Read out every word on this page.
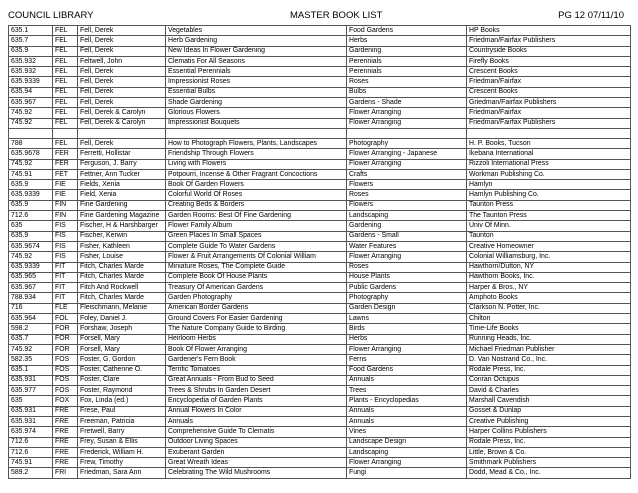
COUNCIL LIBRARY	MASTER BOOK LIST	PG 12 07/11/10
635.1	FEL	Fell, Derek	Vegetables	Food Gardens	HP Books
635.7	FEL	Fell, Derek	Herb Gardening	Herbs	Friedman/Fairfax Publishers
635.9	FEL	Fell, Derek	New Ideas In Flower Gardening	Gardening	Countryside Books
635.932	FEL	Feltwell, John	Clematis For All Seasons	Perennials	Firefly Books
635.932	FEL	Fell, Derek	Essential Perennials	Perennials	Crescent Books
635.9339	FEL	Fell, Derek	Impressionist Roses	Roses	Friedman/Fairfax
635.94	FEL	Fell, Derek	Essential Bulbs	Bulbs	Crescent Books
635.967	FEL	Fell, Derek	Shade Gardening	Gardens - Shade	Griedman/Fairfax Publishers
745.92	FEL	Fell, Derek & Carolyn	Glorious Flowers	Flower Arranging	Friedman/Fairfax
745.92	FEL	Fell, Derek & Carolyn	Impressionist Bouquets	Flower Arranging	Friedman/Fairfax Publishers

788	FEL	Fell, Derek	How to Photograph Flowers, Plants, Landscapes	Photography	H. P. Books, Tucson
635.9678	FER	Ferretti, Hollistar	Friendship Through Flowers	Flower Arranging - Japanese	Ikebana International
745.92	FER	Ferguson, J. Barry	Living with Flowers	Flower Arranging	Rizzoli International Press
745.91	FET	Fettner, Ann Tucker	Potpourri, Incense & Other Fragrant Concoctions	Crafts	Workman Publishing Co.
635.9	FIE	Fields, Xenia	Book Of Garden Flowers	Flowers	Hamlyn
635.9339	FIE	Field, Xenia	Colorful World Of Roses	Roses	Hamlyn Publishing Co.
635.9	FIN	Fine Gardening	Creating Beds & Borders	Flowers	Taunton Press
712.6	FIN	Fine Gardening Magazine	Garden Rooms: Best Of Fine Gardening	Landscaping	The Taunton Press
635	FIS	Fischer, H & Harshbarger	Flower Family Album	Gardening	Univ Of Minn.
635.9	FIS	Fischer, Kerwin	Green Places In Small Spaces	Gardens - Small	Taunton
635.9674	FIS	Fisher, Kathleen	Complete Guide To Water Gardens	Water Features	Creative Homeowner
745.92	FIS	Fisher, Louise	Flower & Fruit Arrangements Of Colonial William	Flower Arranging	Colonial Williamsburg, Inc.
635.9339	FIT	Fitch, Charles Marde	Miniature Roses, The Complete Guide	Roses	Hawthorn/Dutton, NY
635.965	FIT	Fitch, Charles Marde	Complete Book Of House Plants	House Plants	Hawthorn Books, Inc.
635.967	FIT	Fitch And Rockwell	Treasury Of American Gardens	Public Gardens	Harper & Bros., NY
788.934	FIT	Fitch, Charles Marde	Garden Photography	Photography	Amphoto Books
716	FLE	Fleischmann, Melanie	American Border Gardens	Garden Design	Clarkson N. Potter, Inc.
635.964	FOL	Foley, Daniel J.	Ground Covers For Easier Gardening	Lawns	Chilton
598.2	FOR	Forshaw, Joseph	The Nature Company Guide to Birding	Birds	Time-Life Books
635.7	FOR	Forsell, Mary	Heirloom Herbs	Herbs	Running Heads, Inc.
745.92	FOR	Forsell, Mary	Book Of Flower Arranging	Flower Arranging	Michael Friedman Publisher
582.35	FOS	Foster, G. Gordon	Gardener's Fern Book	Ferns	D. Van Nostrand Co., Inc.
635.1	FOS	Foster, Catherine O.	Terrific Tomatoes	Food Gardens	Rodale Press, Inc.
635.931	FOS	Foster, Clare	Great Annuals - From Bud to Seed	Annuals	Conran Octupus
635.977	FOS	Foster, Raymond	Trees & Shrubs In Garden Desert	Trees	David & Charles
635	FOX	Fox, Linda (ed.)	Encyclopedia of Garden Plants	Plants - Encyclopedias	Marshall Cavendish
635.931	FRE	Frese, Paul	Annual Flowers In Color	Annuals	Gosset & Dunlap
635.931	FRE	Freeman, Patricia	Annuals	Annuals	Creative Publishing
635.974	FRE	Fretwell, Barry	Comprehensive Guide To Clematis	Vines	Harper Collins Publishers
712.6	FRE	Frey, Susan & Ellis	Outdoor Living Spaces	Landscape Design	Rodale Press, Inc.
712.6	FRE	Frederick, William H.	Exuberant Garden	Landscaping	Little, Brown & Co.
745.91	FRE	Frew, Timothy	Great Wreath Ideas	Flower Arranging	Smithmark Publishers
589.2	FRI	Friedman, Sara Ann	Celebrating The Wild Mushrooms	Fungi	Dodd, Mead & Co., Inc.
